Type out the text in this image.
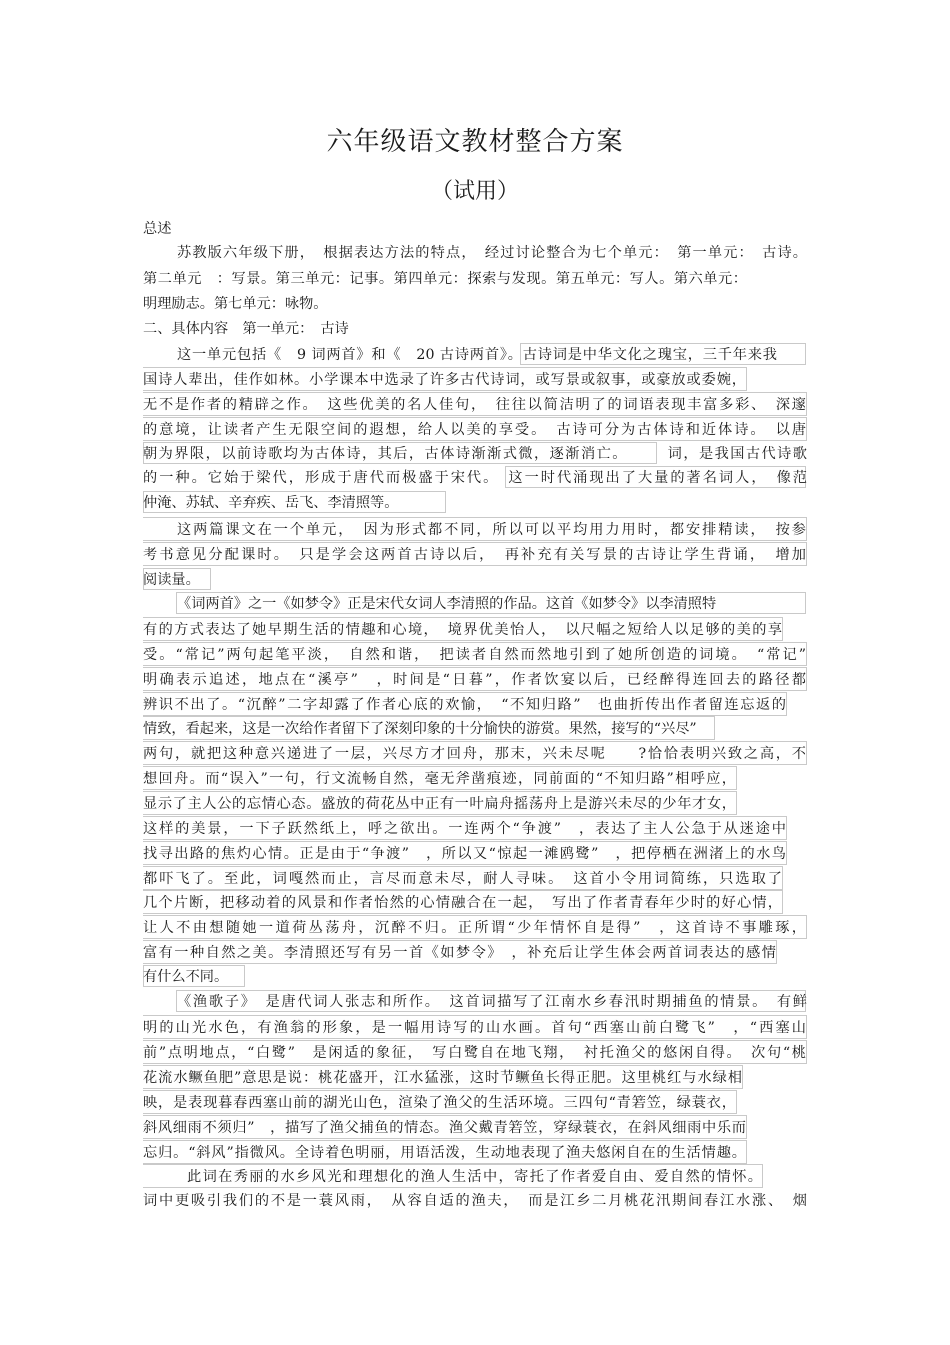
六年级语文教材整合方案
（试用）
总述
苏教版六年级下册，　根据表达方法的特点，　经过讨论整合为七个单元：　第一单元：　古诗。
第二单元　：写景。第三单元：记事。第四单元：探索与发现。第五单元：写人。第六单元：
明理励志。第七单元：咏物。
二、具体内容　第一单元：　古诗
这一单元包括《　9 词两首》和《　20 古诗两首》。古诗词是中华文化之瑰宝，三千年来我
国诗人辈出，佳作如林。小学课本中选录了许多古代诗词，或写景或叙事，或豪放或委婉，
无不是作者的精辟之作。　这些优美的名人佳句，　往往以简洁明了的词语表现丰富多彩、　深邃
的意境，让读者产生无限空间的遐想，给人以美的享受。　古诗可分为古体诗和近体诗。　以唐
朝为界限，以前诗歌均为古体诗，其后，古体诗渐渐式微，逐渐消亡。　　　词，是我国古代诗歌
的一种。它始于梁代，形成于唐代而极盛于宋代。　这一时代涌现出了大量的著名词人，　像范
仲淹、苏轼、辛弃疾、岳飞、李清照等。
这两篇课文在一个单元，　因为形式都不同，所以可以平均用力用时，都安排精读，　按参
考书意见分配课时。　只是学会这两首古诗以后，　再补充有关写景的古诗让学生背诵，　增加
阅读量。
《词两首》之一《如梦令》正是宋代女词人李清照的作品。这首《如梦令》以李清照特
有的方式表达了她早期生活的情趣和心境，　境界优美怡人，　以尺幅之短给人以足够的美的享
受。“常记”两句起笔平淡，　自然和谐，　把读者自然而然地引到了她所创造的词境。　“常记”
明确表示追述，地点在“溪亭”　，时间是“日暮”，作者饮宴以后，已经醉得连回去的路径都
辨识不出了。“沉醉”二字却露了作者心底的欢愉，　“不知归路”　也曲折传出作者留连忘返的
情致，看起来，这是一次给作者留下了深刻印象的十分愉快的游赏。果然，接写的“兴尽”
两句，就把这种意兴递进了一层，兴尽方才回舟，那末，兴未尽呢　　?恰恰表明兴致之高，不
想回舟。而“误入”一句，行文流畅自然，毫无斧凿痕迹，同前面的“不知归路”相呼应，
显示了主人公的忘情心态。盛放的荷花丛中正有一叶扁舟摇荡舟上是游兴未尽的少年才女，
这样的美景，一下子跃然纸上，呼之欲出。一连两个“争渡”　，表达了主人公急于从迷途中
找寻出路的焦灼心情。正是由于“争渡”　，所以又“惊起一滩鸥鹭”　，把停栖在洲渚上的水鸟
都吓飞了。至此，词嘎然而止，言尽而意未尽，耐人寻味。　这首小令用词简练，只选取了
几个片断，把移动着的风景和作者怡然的心情融合在一起，　写出了作者青春年少时的好心情，
让人不由想随她一道荷丛荡舟，沉醉不归。正所谓“少年情怀自是得”　，这首诗不事雕琢，
富有一种自然之美。李清照还写有另一首《如梦令》　，补充后让学生体会两首词表达的感情
有什么不同。
《渔歌子》　是唐代词人张志和所作。　这首词描写了江南水乡春汛时期捕鱼的情景。　有鲜
明的山光水色，有渔翁的形象，是一幅用诗写的山水画。首句“西塞山前白鹭飞”　，“西塞山
前”点明地点，“白鹭”　是闲适的象征，　写白鹭自在地飞翔，　衬托渔父的悠闲自得。　次句“桃
花流水鳜鱼肥”意思是说：桃花盛开，江水猛涨，这时节鳜鱼长得正肥。这里桃红与水绿相
映，是表现暮春西塞山前的湖光山色，渲染了渔父的生活环境。三四句“青箬笠，绿蓑衣，
斜风细雨不须归”　，描写了渔父捕鱼的情态。渔父戴青箬笠，穿绿蓑衣，在斜风细雨中乐而
忘归。“斜风”指微风。全诗着色明丽，用语活泼，生动地表现了渔夫悠闲自在的生活情趣。
此词在秀丽的水乡风光和理想化的渔人生活中，寄托了作者爱自由、爱自然的情怀。
词中更吸引我们的不是一蓑风雨，　从容自适的渔夫，　而是江乡二月桃花汛期间春江水涨、　烟
